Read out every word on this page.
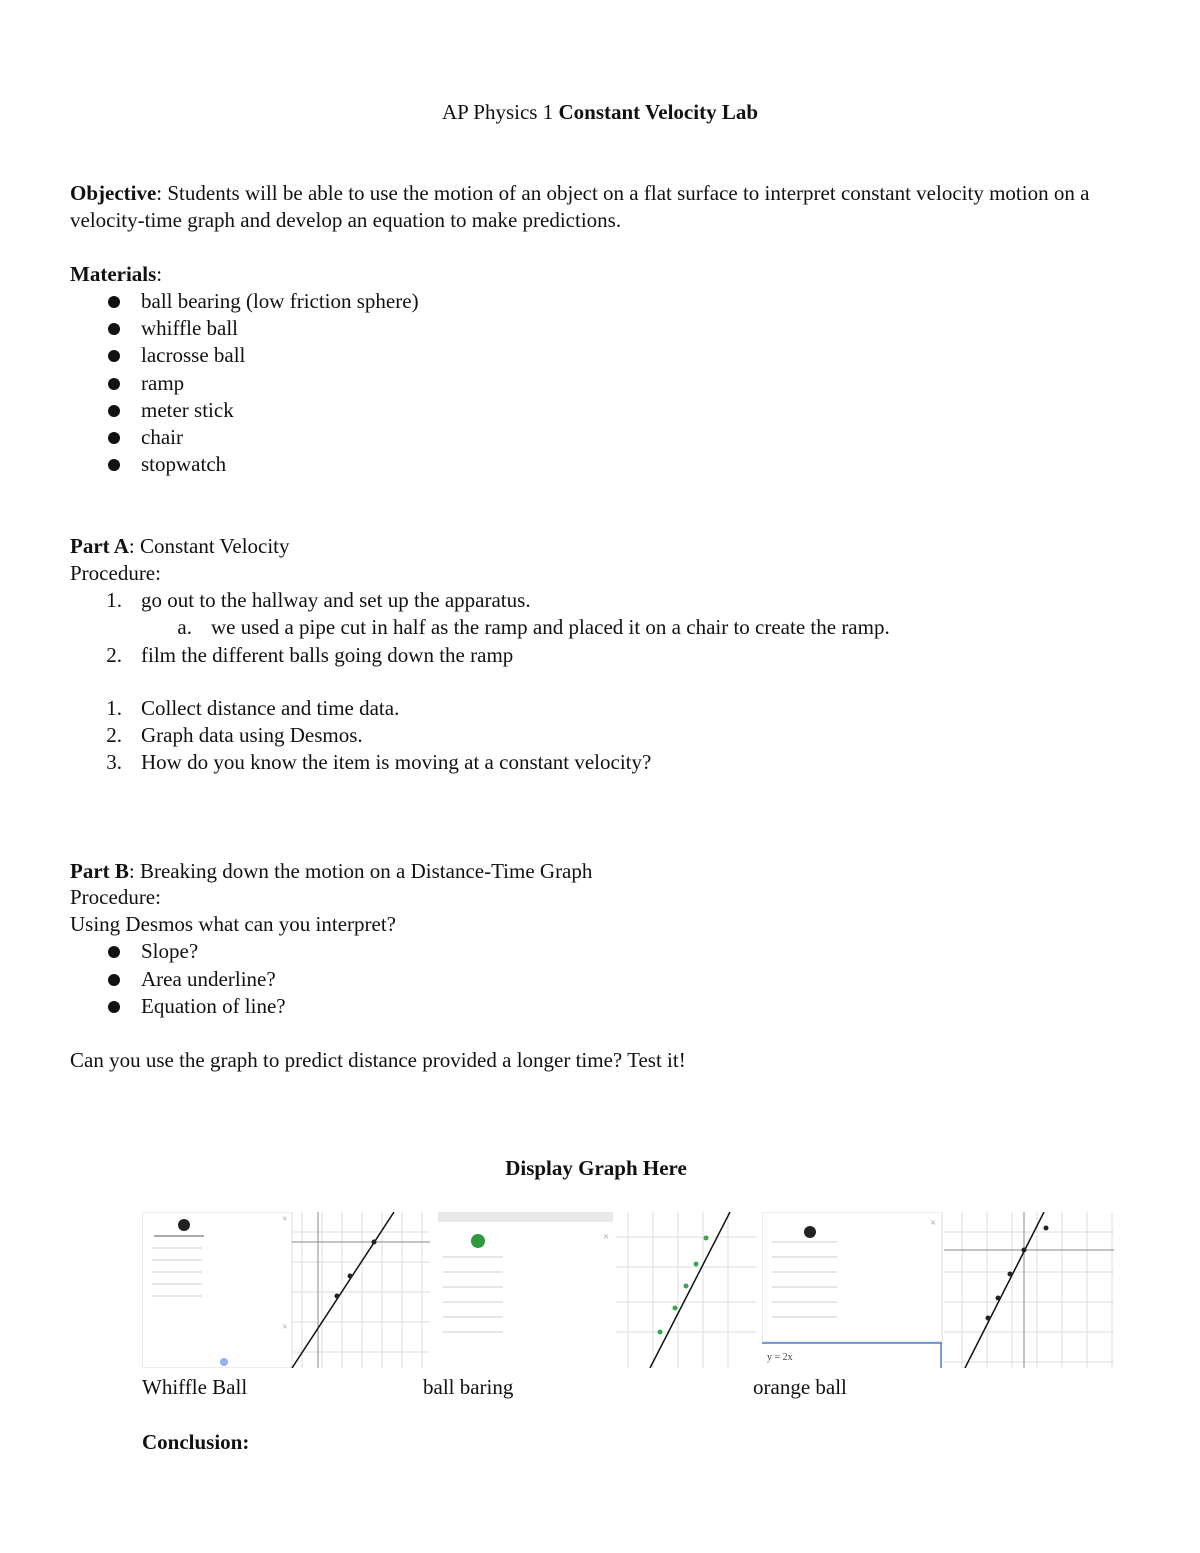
AP Physics 1 Constant Velocity Lab
Objective: Students will be able to use the motion of an object on a flat surface to interpret constant velocity motion on a velocity-time graph and develop an equation to make predictions.
Materials:
ball bearing (low friction sphere)
whiffle ball
lacrosse ball
ramp
meter stick
chair
stopwatch
Part A: Constant Velocity
Procedure:
1. go out to the hallway and set up the apparatus.
a. we used a pipe cut in half as the ramp and placed it on a chair to create the ramp.
2. film the different balls going down the ramp
1. Collect distance and time data.
2. Graph data using Desmos.
3. How do you know the item is moving at a constant velocity?
Part B: Breaking down the motion on a Distance-Time Graph
Procedure:
Using Desmos what can you interpret?
Slope?
Area underline?
Equation of line?
Can you use the graph to predict distance provided a longer time? Test it!
Display Graph Here
×
×
×
×
y = 2x
Whiffle Ball	ball baring	orange ball
Conclusion:
